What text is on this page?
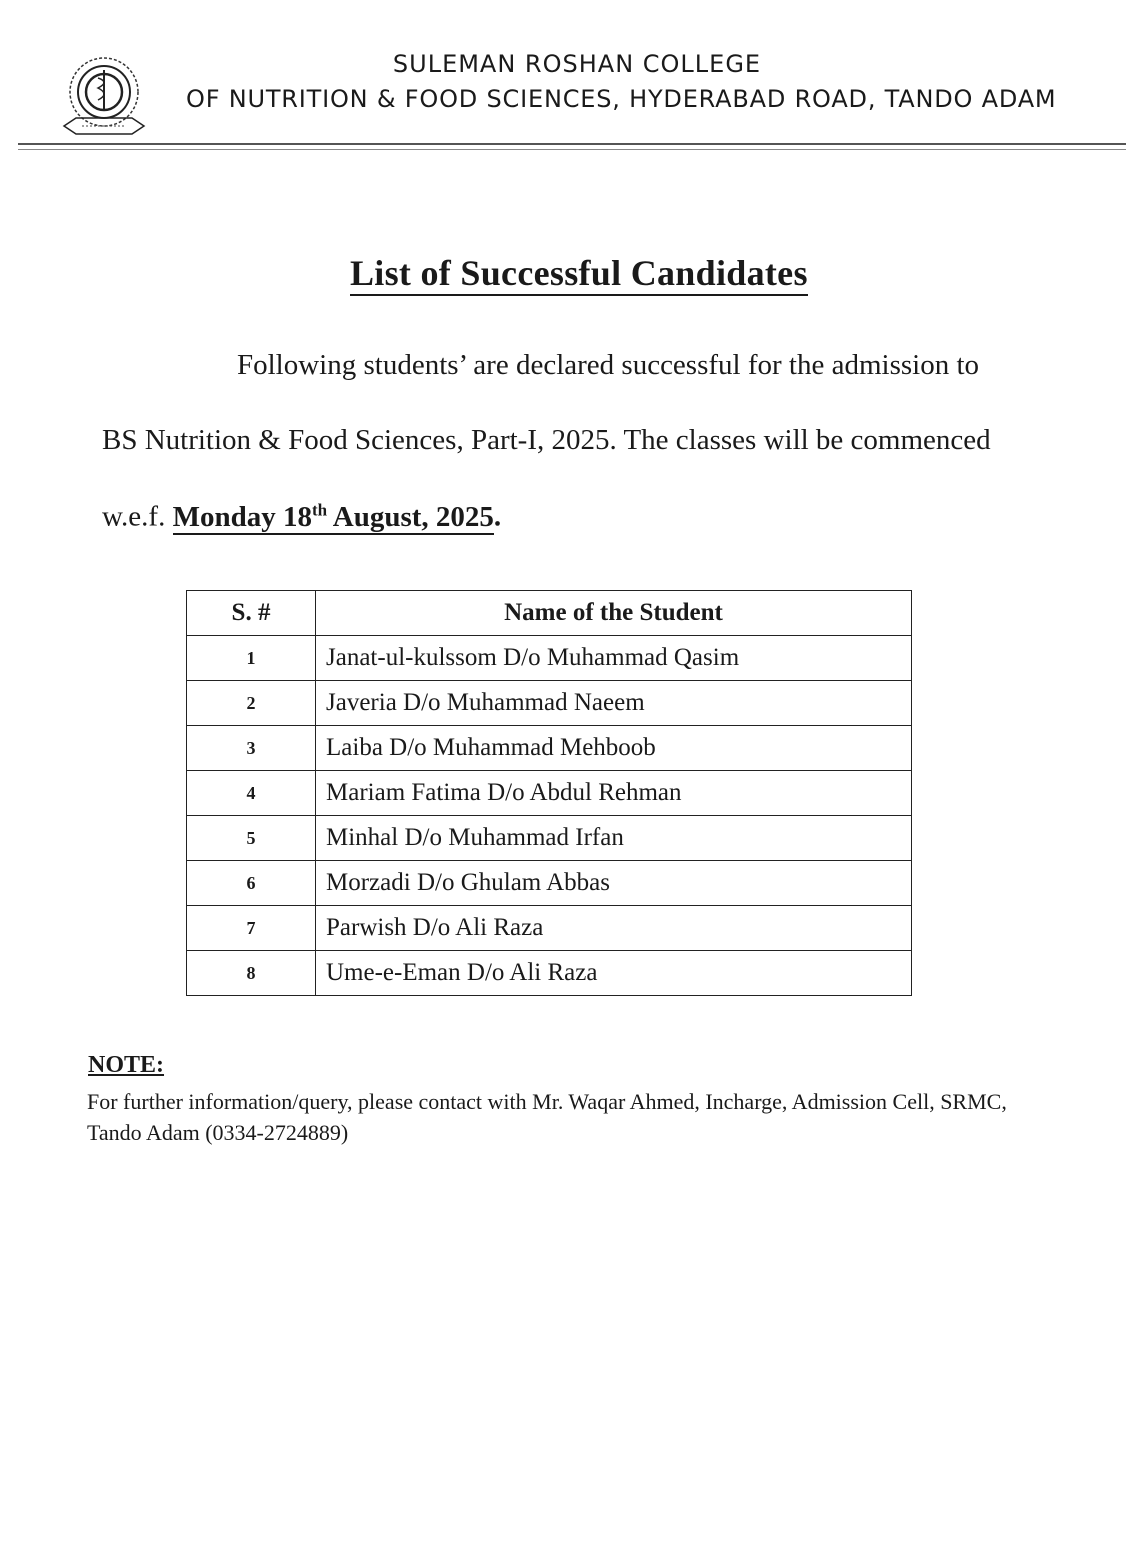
SULEMAN ROSHAN COLLEGE
OF NUTRITION & FOOD SCIENCES, HYDERABAD ROAD, TANDO ADAM
List of Successful Candidates
Following students’ are declared successful for the admission to
BS Nutrition & Food Sciences, Part-I, 2025. The classes will be commenced
w.e.f. Monday 18th August, 2025.
S. #	Name of the Student
1	Janat-ul-kulssom D/o Muhammad Qasim
2	Javeria D/o Muhammad Naeem
3	Laiba D/o Muhammad Mehboob
4	Mariam Fatima D/o Abdul Rehman
5	Minhal D/o Muhammad Irfan
6	Morzadi D/o Ghulam Abbas
7	Parwish D/o Ali Raza
8	Ume-e-Eman D/o Ali Raza
NOTE:
For further information/query, please contact with Mr. Waqar Ahmed, Incharge, Admission Cell, SRMC, Tando Adam (0334-2724889)
